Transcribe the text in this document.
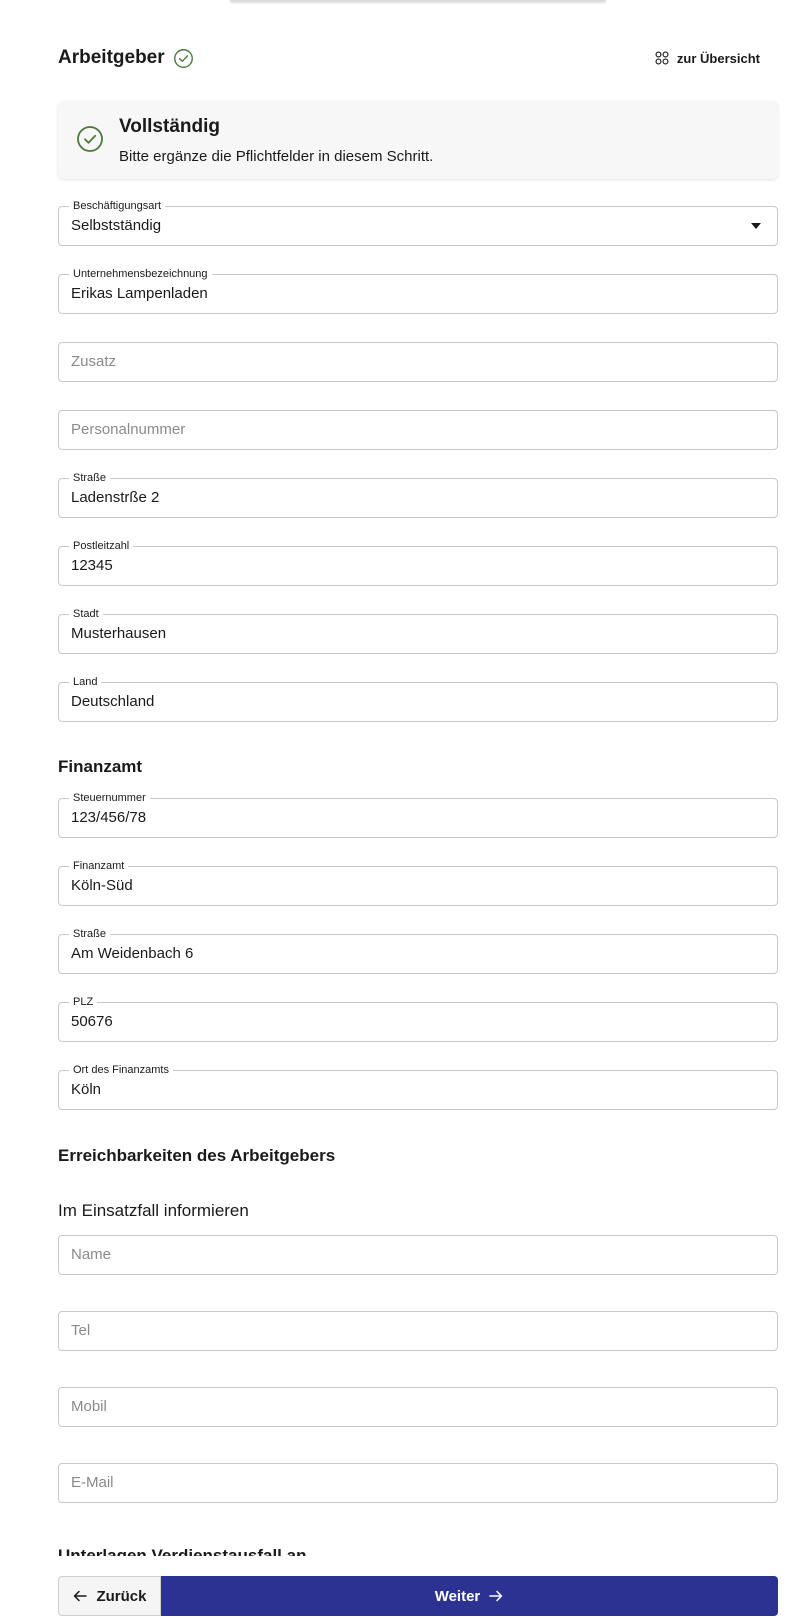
Arbeitgeber	zur Übersicht
Vollständig
Bitte ergänze die Pflichtfelder in diesem Schritt.
Beschäftigungsart
Selbstständig
Unternehmensbezeichnung
Erikas Lampenladen
Zusatz
Personalnummer
Straße
Ladenstrße 2
Postleitzahl
12345
Stadt
Musterhausen
Land
Deutschland
Finanzamt
Steuernummer
123/456/78
Finanzamt
Köln-Süd
Straße
Am Weidenbach 6
PLZ
50676
Ort des Finanzamts
Köln
Erreichbarkeiten des Arbeitgebers
Im Einsatzfall informieren
Name
Tel
Mobil
E-Mail
Zurück	Weiter
